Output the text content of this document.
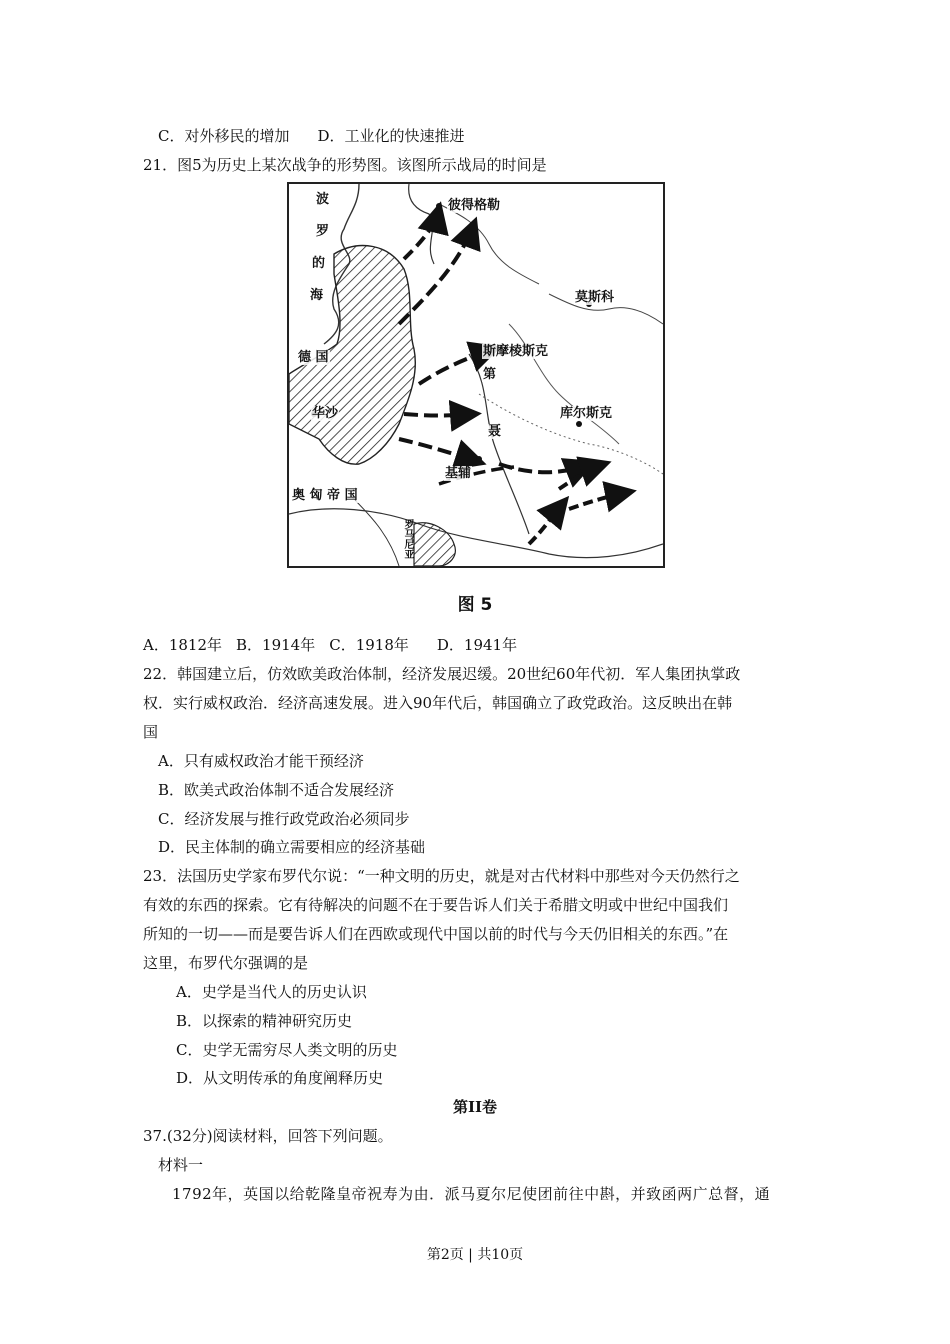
C．对外移民的增加 D．工业化的快速推进
21．图5为历史上某次战争的形势图。该图所示战局的时间是
波
罗
的
海
彼得格勒
莫斯科
斯摩棱斯克
德 国
华沙	库尔斯克
第
聂
基辅
奥 匈 帝 国
罗马尼亚
图 5
A．1812年 B．1914年 C．1918年 D．1941年
22．韩国建立后，仿效欧美政治体制，经济发展迟缓。20世纪60年代初．军人集团执掌政
权．实行威权政治．经济高速发展。进入90年代后，韩国确立了政党政治。这反映出在韩
国
A．只有威权政治才能干预经济
B．欧美式政治体制不适合发展经济
C．经济发展与推行政党政治必须同步
D．民主体制的确立需要相应的经济基础
23．法国历史学家布罗代尔说：“一种文明的历史，就是对古代材料中那些对今天仍然行之
有效的东西的探索。它有待解决的问题不在于要告诉人们关于希腊文明或中世纪中国我们
所知的一切——而是要告诉人们在西欧或现代中国以前的时代与今天仍旧相关的东西。”在
这里，布罗代尔强调的是
A．史学是当代人的历史认识
B．以探索的精神研究历史
C．史学无需穷尽人类文明的历史
D．从文明传承的角度阐释历史
第II卷
37.(32分)阅读材料，回答下列问题。
材料一
1792年，英国以给乾隆皇帝祝寿为由．派马夏尔尼使团前往中斟，并致函两广总督，通
第2页 | 共10页
